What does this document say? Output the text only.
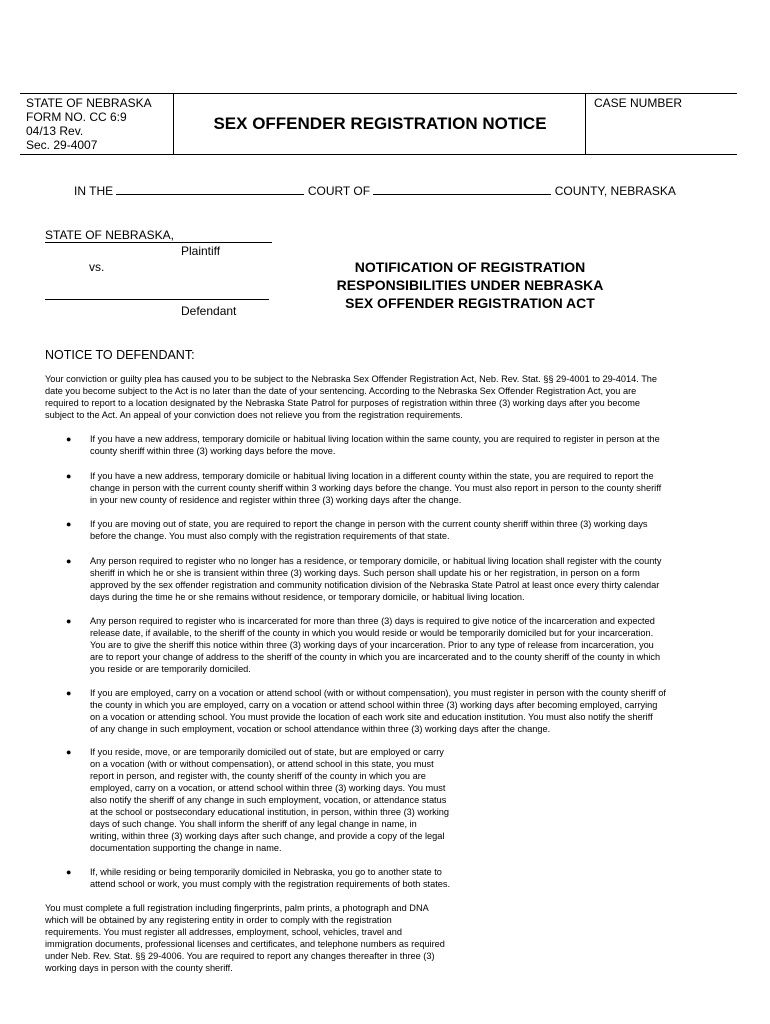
STATE OF NEBRASKA
FORM NO. CC 6:9
04/13 Rev.
Sec. 29-4007
SEX OFFENDER REGISTRATION NOTICE
CASE NUMBER
IN THE	COURT OF	COUNTY, NEBRASKA
STATE OF NEBRASKA,
Plaintiff
vs.
Defendant
NOTIFICATION OF REGISTRATION
RESPONSIBILITIES UNDER NEBRASKA
SEX OFFENDER REGISTRATION ACT
NOTICE TO DEFENDANT:
Your conviction or guilty plea has caused you to be subject to the Nebraska Sex Offender Registration Act, Neb. Rev. Stat. §§ 29-4001 to 29-4014. The
date you become subject to the Act is no later than the date of your sentencing. According to the Nebraska Sex Offender Registration Act, you are
required to report to a location designated by the Nebraska State Patrol for purposes of registration within three (3) working days after you become
subject to the Act. An appeal of your conviction does not relieve you from the registration requirements.
● If you have a new address, temporary domicile or habitual living location within the same county, you are required to register in person at the
county sheriff within three (3) working days before the move.
● If you have a new address, temporary domicile or habitual living location in a different county within the state, you are required to report the
change in person with the current county sheriff within 3 working days before the change. You must also report in person to the county sheriff
in your new county of residence and register within three (3) working days after the change.
● If you are moving out of state, you are required to report the change in person with the current county sheriff within three (3) working days
before the change. You must also comply with the registration requirements of that state.
● Any person required to register who no longer has a residence, or temporary domicile, or habitual living location shall register with the county
sheriff in which he or she is transient within three (3) working days. Such person shall update his or her registration, in person on a form
approved by the sex offender registration and community notification division of the Nebraska State Patrol at least once every thirty calendar
days during the time he or she remains without residence, or temporary domicile, or habitual living location.
● Any person required to register who is incarcerated for more than three (3) days is required to give notice of the incarceration and expected
release date, if available, to the sheriff of the county in which you would reside or would be temporarily domiciled but for your incarceration.
You are to give the sheriff this notice within three (3) working days of your incarceration. Prior to any type of release from incarceration, you
are to report your change of address to the sheriff of the county in which you are incarcerated and to the county sheriff of the county in which
you reside or are temporarily domiciled.
● If you are employed, carry on a vocation or attend school (with or without compensation), you must register in person with the county sheriff of
the county in which you are employed, carry on a vocation or attend school within three (3) working days after becoming employed, carrying
on a vocation or attending school. You must provide the location of each work site and education institution. You must also notify the sheriff
of any change in such employment, vocation or school attendance within three (3) working days after the change.
● If you reside, move, or are temporarily domiciled out of state, but are employed or carry
on a vocation (with or without compensation), or attend school in this state, you must
report in person, and register with, the county sheriff of the county in which you are
employed, carry on a vocation, or attend school within three (3) working days. You must
also notify the sheriff of any change in such employment, vocation, or attendance status
at the school or postsecondary educational institution, in person, within three (3) working
days of such change. You shall inform the sheriff of any legal change in name, in
writing, within three (3) working days after such change, and provide a copy of the legal
documentation supporting the change in name.
● If, while residing or being temporarily domiciled in Nebraska, you go to another state to
attend school or work, you must comply with the registration requirements of both states.
You must complete a full registration including fingerprints, palm prints, a photograph and DNA
which will be obtained by any registering entity in order to comply with the registration
requirements. You must register all addresses, employment, school, vehicles, travel and
immigration documents, professional licenses and certificates, and telephone numbers as required
under Neb. Rev. Stat. §§ 29-4006. You are required to report any changes thereafter in three (3)
working days in person with the county sheriff.
